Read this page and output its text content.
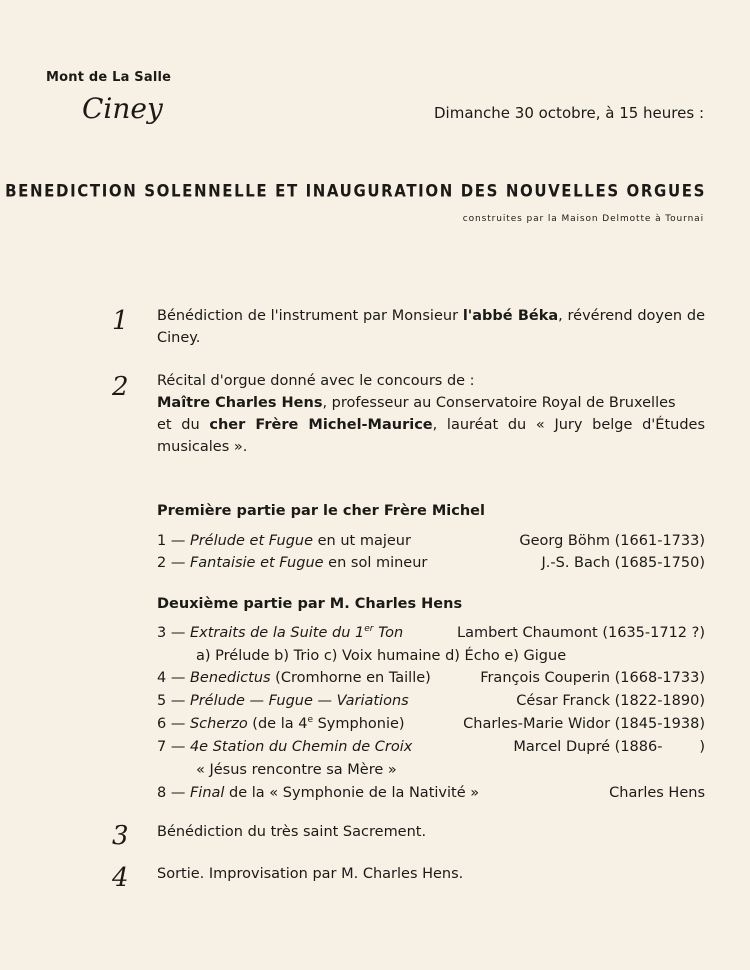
Mont de La Salle
Ciney	Dimanche 30 octobre, à 15 heures :
BENEDICTION SOLENNELLE ET INAUGURATION DES NOUVELLES ORGUES
construites par la Maison Delmotte à Tournai
1 Bénédiction de l'instrument par Monsieur l'abbé Béka, révérend doyen de Ciney.
2 Récital d'orgue donné avec le concours de :
Maître Charles Hens, professeur au Conservatoire Royal de Bruxelles
et du cher Frère Michel-Maurice, lauréat du « Jury belge d'Études musicales ».
Première partie par le cher Frère Michel
1 — Prélude et Fugue en ut majeur	Georg Böhm (1661-1733)
2 — Fantaisie et Fugue en sol mineur	J.-S. Bach (1685-1750)
Deuxième partie par M. Charles Hens
3 — Extraits de la Suite du 1er Ton	Lambert Chaumont (1635-1712 ?)
a) Prélude b) Trio c) Voix humaine d) Écho e) Gigue
4 — Benedictus (Cromhorne en Taille)	François Couperin (1668-1733)
5 — Prélude — Fugue — Variations	César Franck (1822-1890)
6 — Scherzo (de la 4e Symphonie)	Charles-Marie Widor (1845-1938)
7 — 4e Station du Chemin de Croix	Marcel Dupré (1886-        )
« Jésus rencontre sa Mère »
8 — Final de la « Symphonie de la Nativité »	Charles Hens
3 Bénédiction du très saint Sacrement.
4 Sortie. Improvisation par M. Charles Hens.
